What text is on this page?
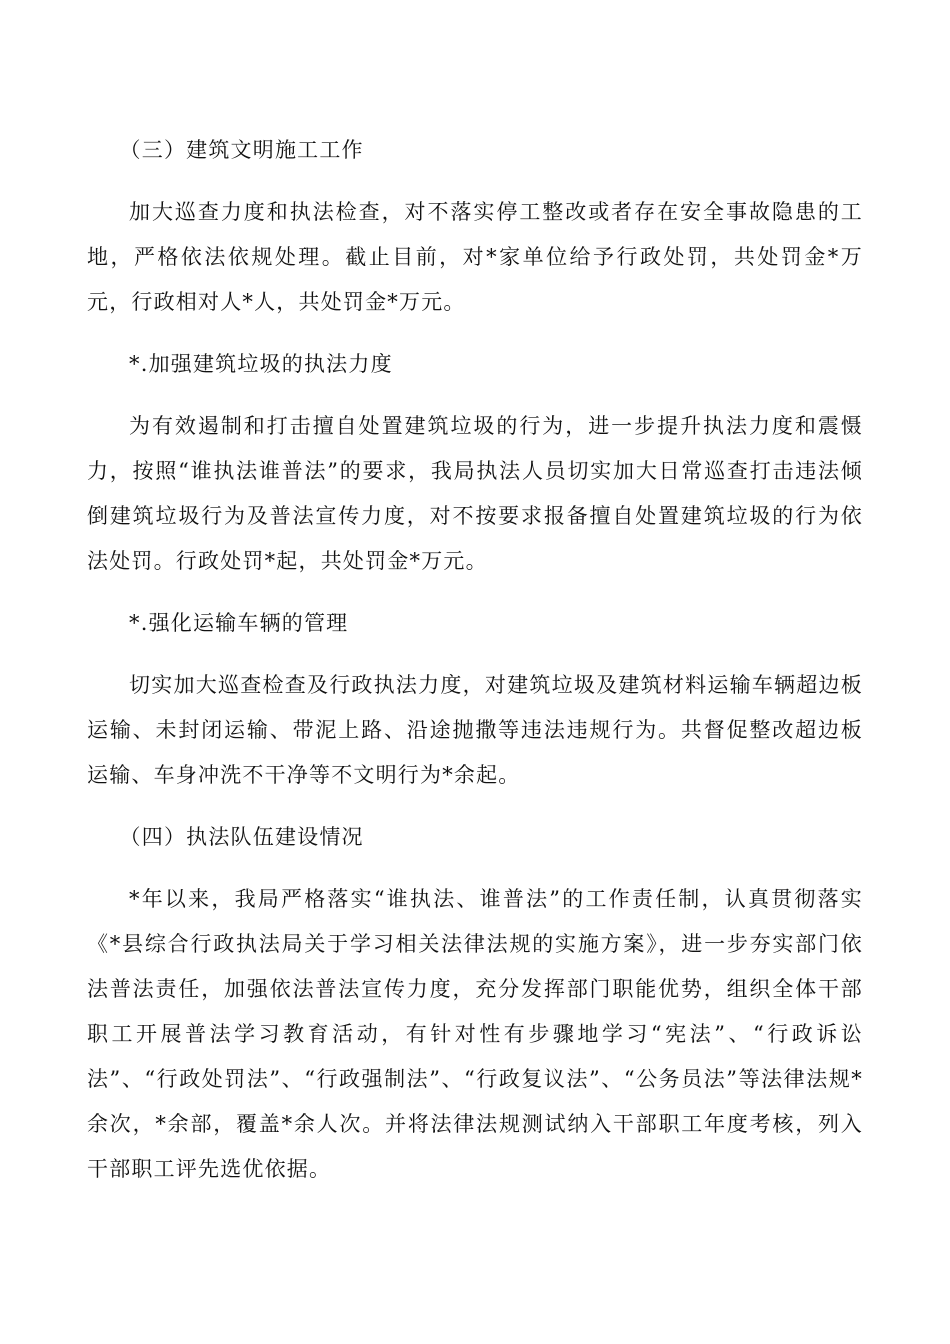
（三）建筑文明施工工作

加大巡查力度和执法检查，对不落实停工整改或者存在安全事故隐患的工地，严格依法依规处理。截止目前，对*家单位给予行政处罚，共处罚金*万元，行政相对人*人，共处罚金*万元。

*.加强建筑垃圾的执法力度

为有效遏制和打击擅自处置建筑垃圾的行为，进一步提升执法力度和震慑力，按照“谁执法谁普法”的要求，我局执法人员切实加大日常巡查打击违法倾倒建筑垃圾行为及普法宣传力度，对不按要求报备擅自处置建筑垃圾的行为依法处罚。行政处罚*起，共处罚金*万元。

*.强化运输车辆的管理

切实加大巡查检查及行政执法力度，对建筑垃圾及建筑材料运输车辆超边板运输、未封闭运输、带泥上路、沿途抛撒等违法违规行为。共督促整改超边板运输、车身冲洗不干净等不文明行为*余起。

（四）执法队伍建设情况

*年以来，我局严格落实“谁执法、谁普法”的工作责任制，认真贯彻落实《*县综合行政执法局关于学习相关法律法规的实施方案》，进一步夯实部门依法普法责任，加强依法普法宣传力度，充分发挥部门职能优势，组织全体干部职工开展普法学习教育活动，有针对性有步骤地学习“宪法”、“行政诉讼法”、“行政处罚法”、“行政强制法”、“行政复议法”、“公务员法”等法律法规*余次，*余部，覆盖*余人次。并将法律法规测试纳入干部职工年度考核，列入干部职工评先选优依据。
